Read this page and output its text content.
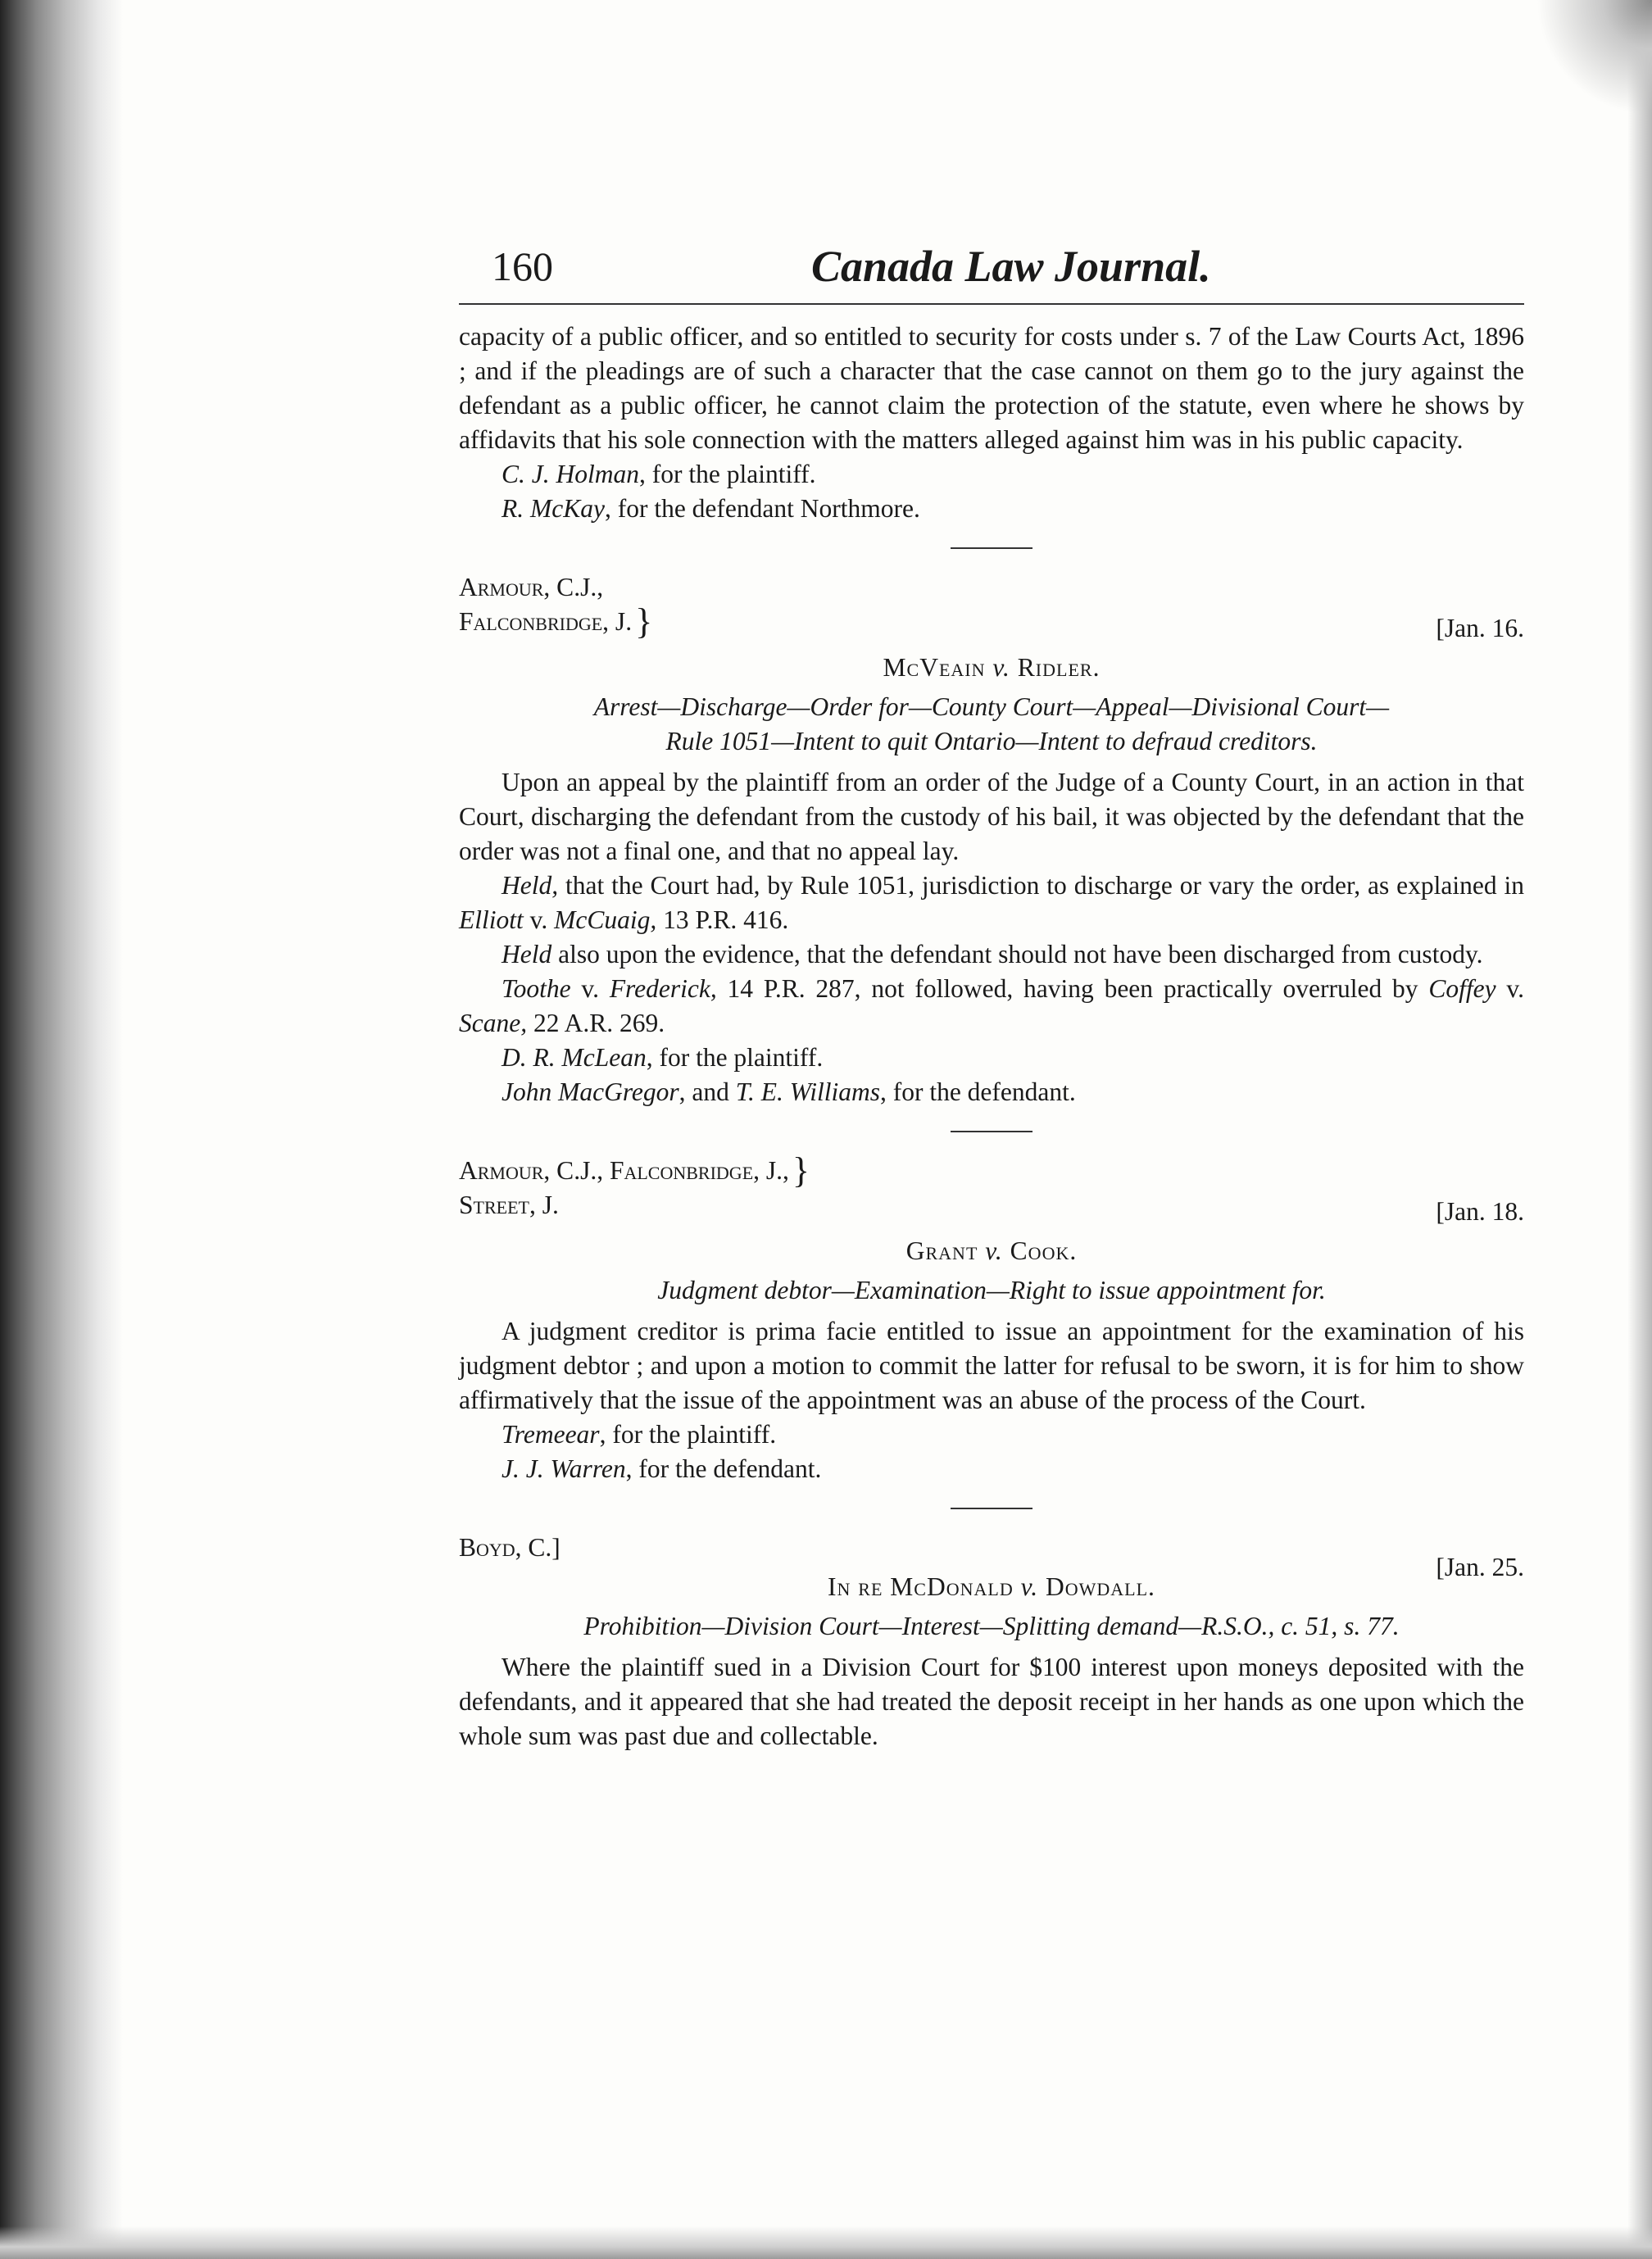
160	Canada Law Journal.

capacity of a public officer, and so entitled to security for costs under s. 7 of the Law Courts Act, 1896 ; and if the pleadings are of such a character that the case cannot on them go to the jury against the defendant as a public officer, he cannot claim the protection of the statute, even where he shows by affidavits that his sole connection with the matters alleged against him was in his public capacity.

C. J. Holman, for the plaintiff.

R. McKay, for the defendant Northmore.

Armour, C.J.,
Falconbridge, J.}	[Jan. 16.
McVeain v. Ridler.
Arrest—Discharge—Order for—County Court—Appeal—Divisional Court—
Rule 1051—Intent to quit Ontario—Intent to defraud creditors.

Upon an appeal by the plaintiff from an order of the Judge of a County Court, in an action in that Court, discharging the defendant from the custody of his bail, it was objected by the defendant that the order was not a final one, and that no appeal lay.

Held, that the Court had, by Rule 1051, jurisdiction to discharge or vary the order, as explained in Elliott v. McCuaig, 13 P.R. 416.

Held also upon the evidence, that the defendant should not have been discharged from custody.

Toothe v. Frederick, 14 P.R. 287, not followed, having been practically overruled by Coffey v. Scane, 22 A.R. 269.

D. R. McLean, for the plaintiff.

John MacGregor, and T. E. Williams, for the defendant.

Armour, C.J., Falconbridge, J.,}
Street, J.	[Jan. 18.
Grant v. Cook.
Judgment debtor—Examination—Right to issue appointment for.

A judgment creditor is prima facie entitled to issue an appointment for the examination of his judgment debtor ; and upon a motion to commit the latter for refusal to be sworn, it is for him to show affirmatively that the issue of the appointment was an abuse of the process of the Court.

Tremeear, for the plaintiff.

J. J. Warren, for the defendant.

Boyd, C.]
[Jan. 25.
In re McDonald v. Dowdall.
Prohibition—Division Court—Interest—Splitting demand—R.S.O., c. 51, s. 77.

Where the plaintiff sued in a Division Court for $100 interest upon moneys deposited with the defendants, and it appeared that she had treated the deposit receipt in her hands as one upon which the whole sum was past due and collectable.
